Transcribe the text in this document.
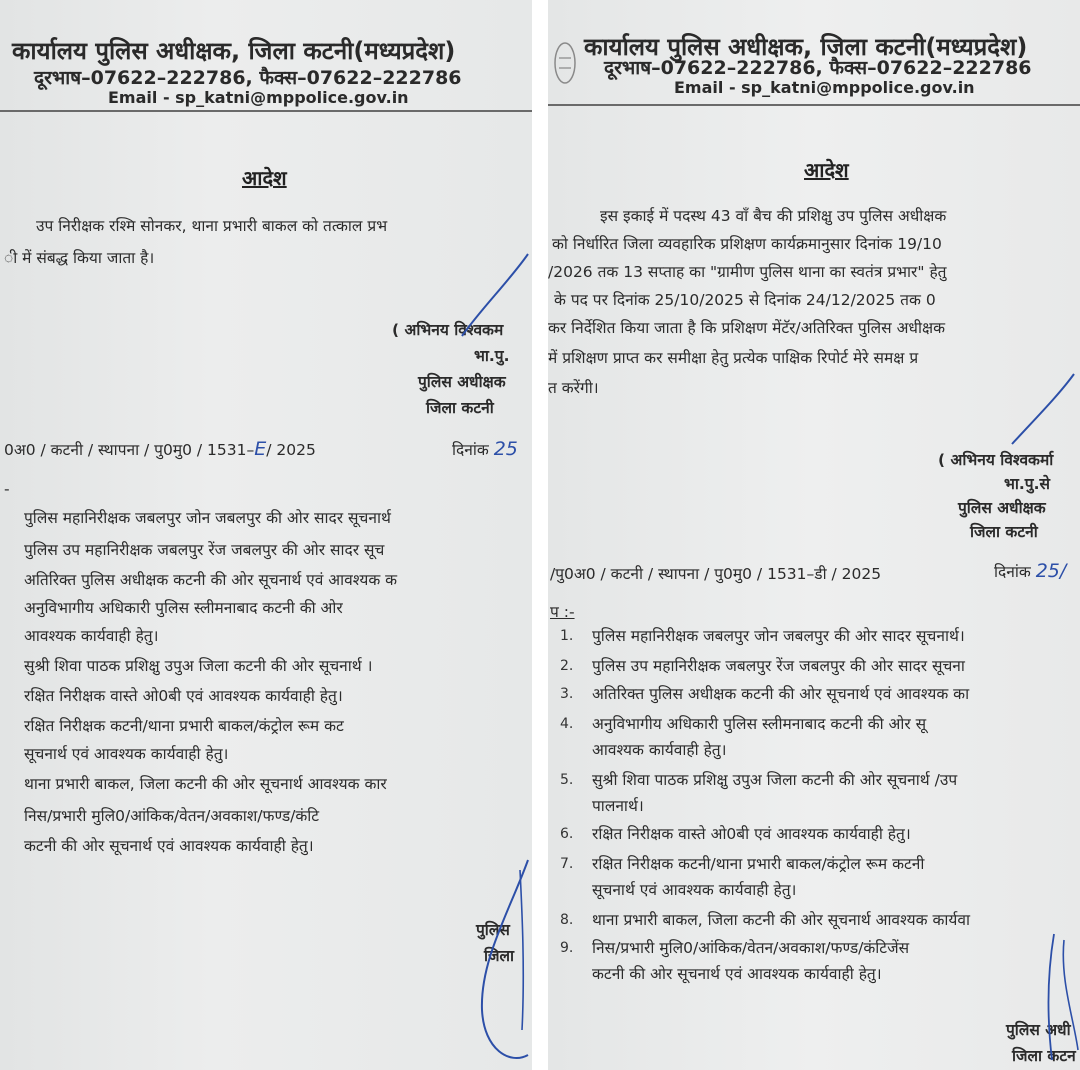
कार्यालय पुलिस अधीक्षक, जिला कटनी(मध्यप्रदेश)
दूरभाष–07622–222786, फैक्स–07622–222786
Email - sp_katni@mppolice.gov.in
आदेश
उप निरीक्षक रश्मि सोनकर, थाना प्रभारी बाकल को तत्काल प्रभ
ी में संबद्ध किया जाता है।
( अभिनय विश्वकम
भा.पु.
पुलिस अधीक्षक
जिला कटनी
0अ0 / कटनी / स्थापना / पु0मु0 / 1531–E/ 2025	दिनांक 25
-
पुलिस महानिरीक्षक जबलपुर जोन जबलपुर की ओर सादर सूचनार्थ
पुलिस उप महानिरीक्षक जबलपुर रेंज जबलपुर की ओर सादर सूच
अतिरिक्त पुलिस अधीक्षक कटनी की ओर सूचनार्थ एवं आवश्यक क
अनुविभागीय अधिकारी पुलिस स्लीमनाबाद कटनी की ओर
आवश्यक कार्यवाही हेतु।
सुश्री शिवा पाठक प्रशिक्षु उपुअ जिला कटनी की ओर सूचनार्थ ।
रक्षित निरीक्षक वास्ते ओ0बी एवं आवश्यक कार्यवाही हेतु।
रक्षित निरीक्षक कटनी/थाना प्रभारी बाकल/कंट्रोल रूम कट
सूचनार्थ एवं आवश्यक कार्यवाही हेतु।
थाना प्रभारी बाकल, जिला कटनी की ओर सूचनार्थ आवश्यक कार
निस/प्रभारी मुलि0/आंकिक/वेतन/अवकाश/फण्ड/कंटि
कटनी की ओर सूचनार्थ एवं आवश्यक कार्यवाही हेतु।
पुलिस
जिला
कार्यालय पुलिस अधीक्षक, जिला कटनी(मध्यप्रदेश)
दूरभाष–07622–222786, फैक्स–07622–222786
Email - sp_katni@mppolice.gov.in
आदेश
इस इकाई में पदस्थ 43 वॉं बैच की प्रशिक्षु उप पुलिस अधीक्षक
को निर्धारित जिला व्यवहारिक प्रशिक्षण कार्यक्रमानुसार दिनांक 19/10
/2026 तक 13 सप्ताह का "ग्रामीण पुलिस थाना का स्वतंत्र प्रभार" हेतु
के पद पर दिनांक 25/10/2025 से दिनांक 24/12/2025 तक 0
कर निर्देशित किया जाता है कि प्रशिक्षण मेंटॅर/अतिरिक्त पुलिस अधीक्षक
में प्रशिक्षण प्राप्त कर समीक्षा हेतु प्रत्येक पाक्षिक रिपोर्ट मेरे समक्ष प्र
त करेंगी।
( अभिनय विश्वकर्मा
भा.पु.से
पुलिस अधीक्षक
जिला कटनी
/पु0अ0 / कटनी / स्थापना / पु0मु0 / 1531–डी / 2025	दिनांक 25/
प :-
1. पुलिस महानिरीक्षक जबलपुर जोन जबलपुर की ओर सादर सूचनार्थ।
2. पुलिस उप महानिरीक्षक जबलपुर रेंज जबलपुर की ओर सादर सूचना
3. अतिरिक्त पुलिस अधीक्षक कटनी की ओर सूचनार्थ एवं आवश्यक का
4. अनुविभागीय अधिकारी पुलिस स्लीमनाबाद कटनी की ओर सू
आवश्यक कार्यवाही हेतु।
5. सुश्री शिवा पाठक प्रशिक्षु उपुअ जिला कटनी की ओर सूचनार्थ /उप
पालनार्थ।
6. रक्षित निरीक्षक वास्ते ओ0बी एवं आवश्यक कार्यवाही हेतु।
7. रक्षित निरीक्षक कटनी/थाना प्रभारी बाकल/कंट्रोल रूम कटनी
सूचनार्थ एवं आवश्यक कार्यवाही हेतु।
8. थाना प्रभारी बाकल, जिला कटनी की ओर सूचनार्थ आवश्यक कार्यवा
9. निस/प्रभारी मुलि0/आंकिक/वेतन/अवकाश/फण्ड/कंटिजेंस
कटनी की ओर सूचनार्थ एवं आवश्यक कार्यवाही हेतु।
पुलिस अधी
जिला कटन
